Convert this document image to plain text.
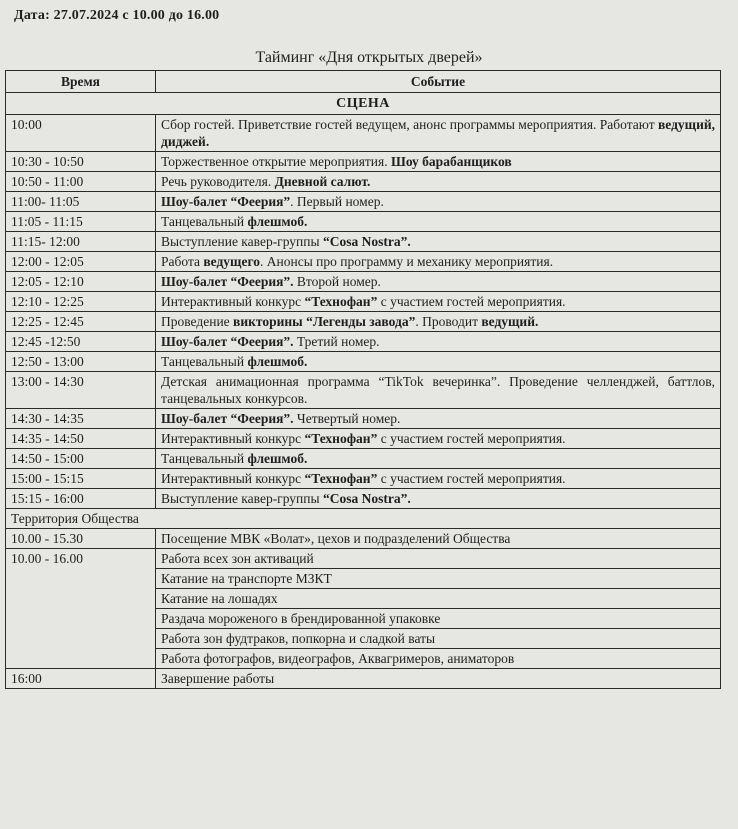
Дата: 27.07.2024 с 10.00 до 16.00
Тайминг «Дня открытых дверей»
Время	Событие
СЦЕНА	
10:00	Сбор гостей. Приветствие гостей ведущем, анонс программы мероприятия. Работают ведущий, диджей.
10:30 - 10:50	Торжественное открытие мероприятия. Шоу барабанщиков
10:50 - 11:00	Речь руководителя. Дневной салют.
11:00- 11:05	Шоу-балет “Феерия”. Первый номер.
11:05 - 11:15	Танцевальный флешмоб.
11:15- 12:00	Выступление кавер-группы “Cosa Nostra”.
12:00 - 12:05	Работа ведущего. Анонсы про программу и механику мероприятия.
12:05 - 12:10	Шоу-балет “Феерия”. Второй номер.
12:10 - 12:25	Интерактивный конкурс “Технофан” с участием гостей мероприятия.
12:25 - 12:45	Проведение викторины “Легенды завода”. Проводит ведущий.
12:45 -12:50	Шоу-балет “Феерия”. Третий номер.
12:50 - 13:00	Танцевальный флешмоб.
13:00 - 14:30	Детская анимационная программа “TikTok вечеринка”. Проведение челленджей, баттлов, танцевальных конкурсов.
14:30 - 14:35	Шоу-балет “Феерия”. Четвертый номер.
14:35 - 14:50	Интерактивный конкурс “Технофан” с участием гостей мероприятия.
14:50 - 15:00	Танцевальный флешмоб.
15:00 - 15:15	Интерактивный конкурс “Технофан” с участием гостей мероприятия.
15:15 - 16:00	Выступление кавер-группы “Cosa Nostra”.
Территория Общества	
10.00 - 15.30	Посещение МВК «Волат», цехов и подразделений Общества
10.00 - 16.00	Работа всех зон активаций
	Катание на транспорте МЗКТ
	Катание на лошадях
	Раздача мороженого в брендированной упаковке
	Работа зон фудтраков, попкорна и сладкой ваты
	Работа фотографов, видеографов, Аквагримеров, аниматоров
16:00	Завершение работы
